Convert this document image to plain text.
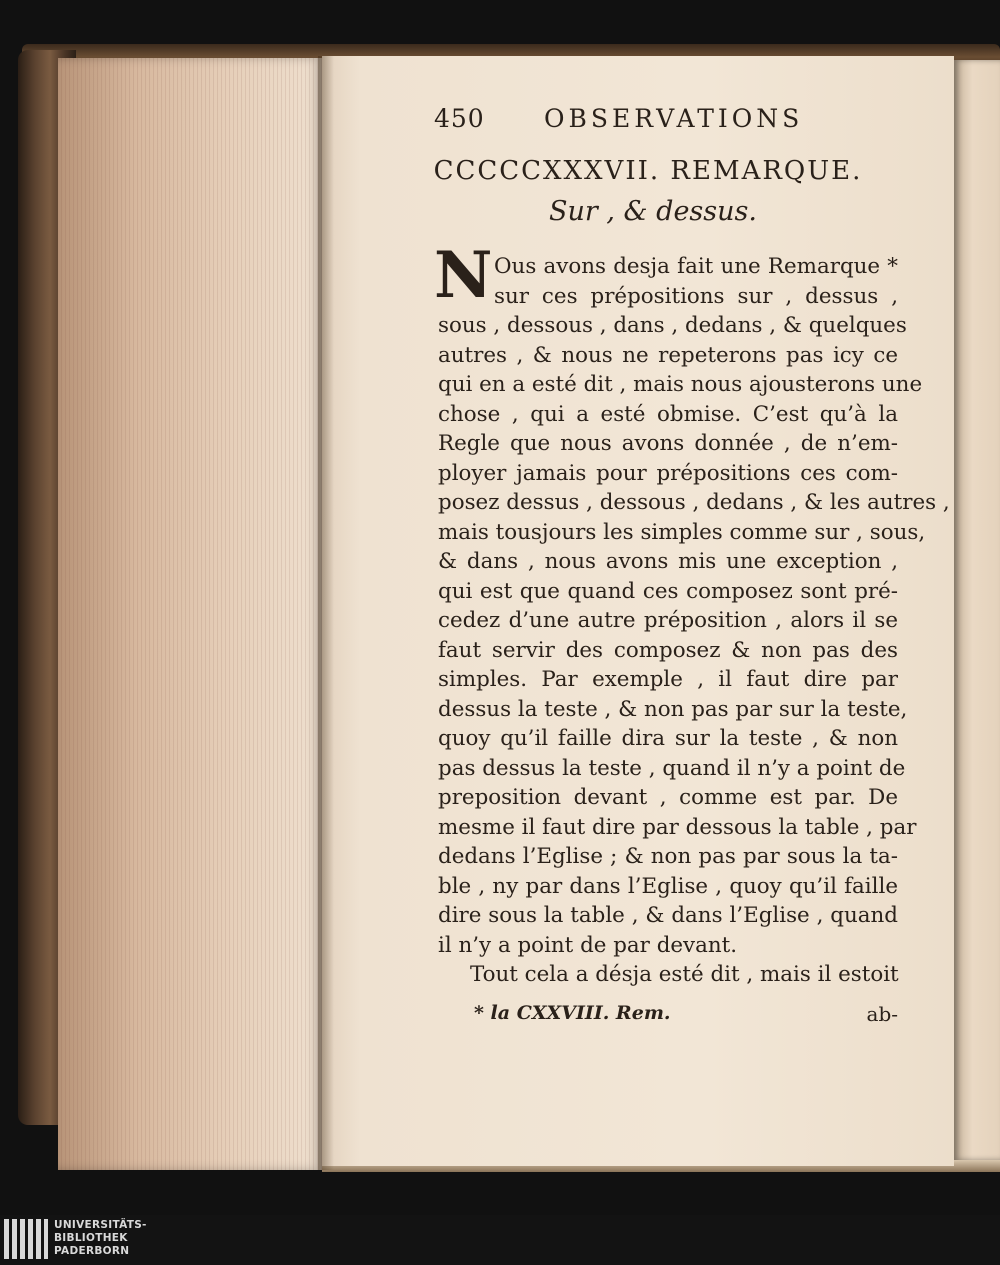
450 OBSERVATIONS
CCCCCXXXVII. REMARQUE.
Sur , & dessus.
N Ous avons desja fait une Remarque *
sur ces prépositions sur , dessus ,
sous , dessous , dans , dedans , & quelques
autres , & nous ne repeterons pas icy ce
qui en a esté dit , mais nous ajousterons une
chose , qui a esté obmise. C’est qu’à la
Regle que nous avons donnée , de n’em-
ployer jamais pour prépositions ces com-
posez dessus , dessous , dedans , & les autres ,
mais tousjours les simples comme sur , sous,
& dans , nous avons mis une exception ,
qui est que quand ces composez sont pré-
cedez d’une autre préposition , alors il se
faut servir des composez & non pas des
simples. Par exemple , il faut dire par
dessus la teste , & non pas par sur la teste,
quoy qu’il faille dira sur la teste , & non
pas dessus la teste , quand il n’y a point de
preposition devant , comme est par. De
mesme il faut dire par dessous la table , par
dedans l’Eglise ; & non pas par sous la ta-
ble , ny par dans l’Eglise , quoy qu’il faille
dire sous la table , & dans l’Eglise , quand
il n’y a point de par devant.
Tout cela a désja esté dit , mais il estoit
* la CXXVIII. Rem.	ab-
UNIVERSITÄTS-
BIBLIOTHEK
PADERBORN
